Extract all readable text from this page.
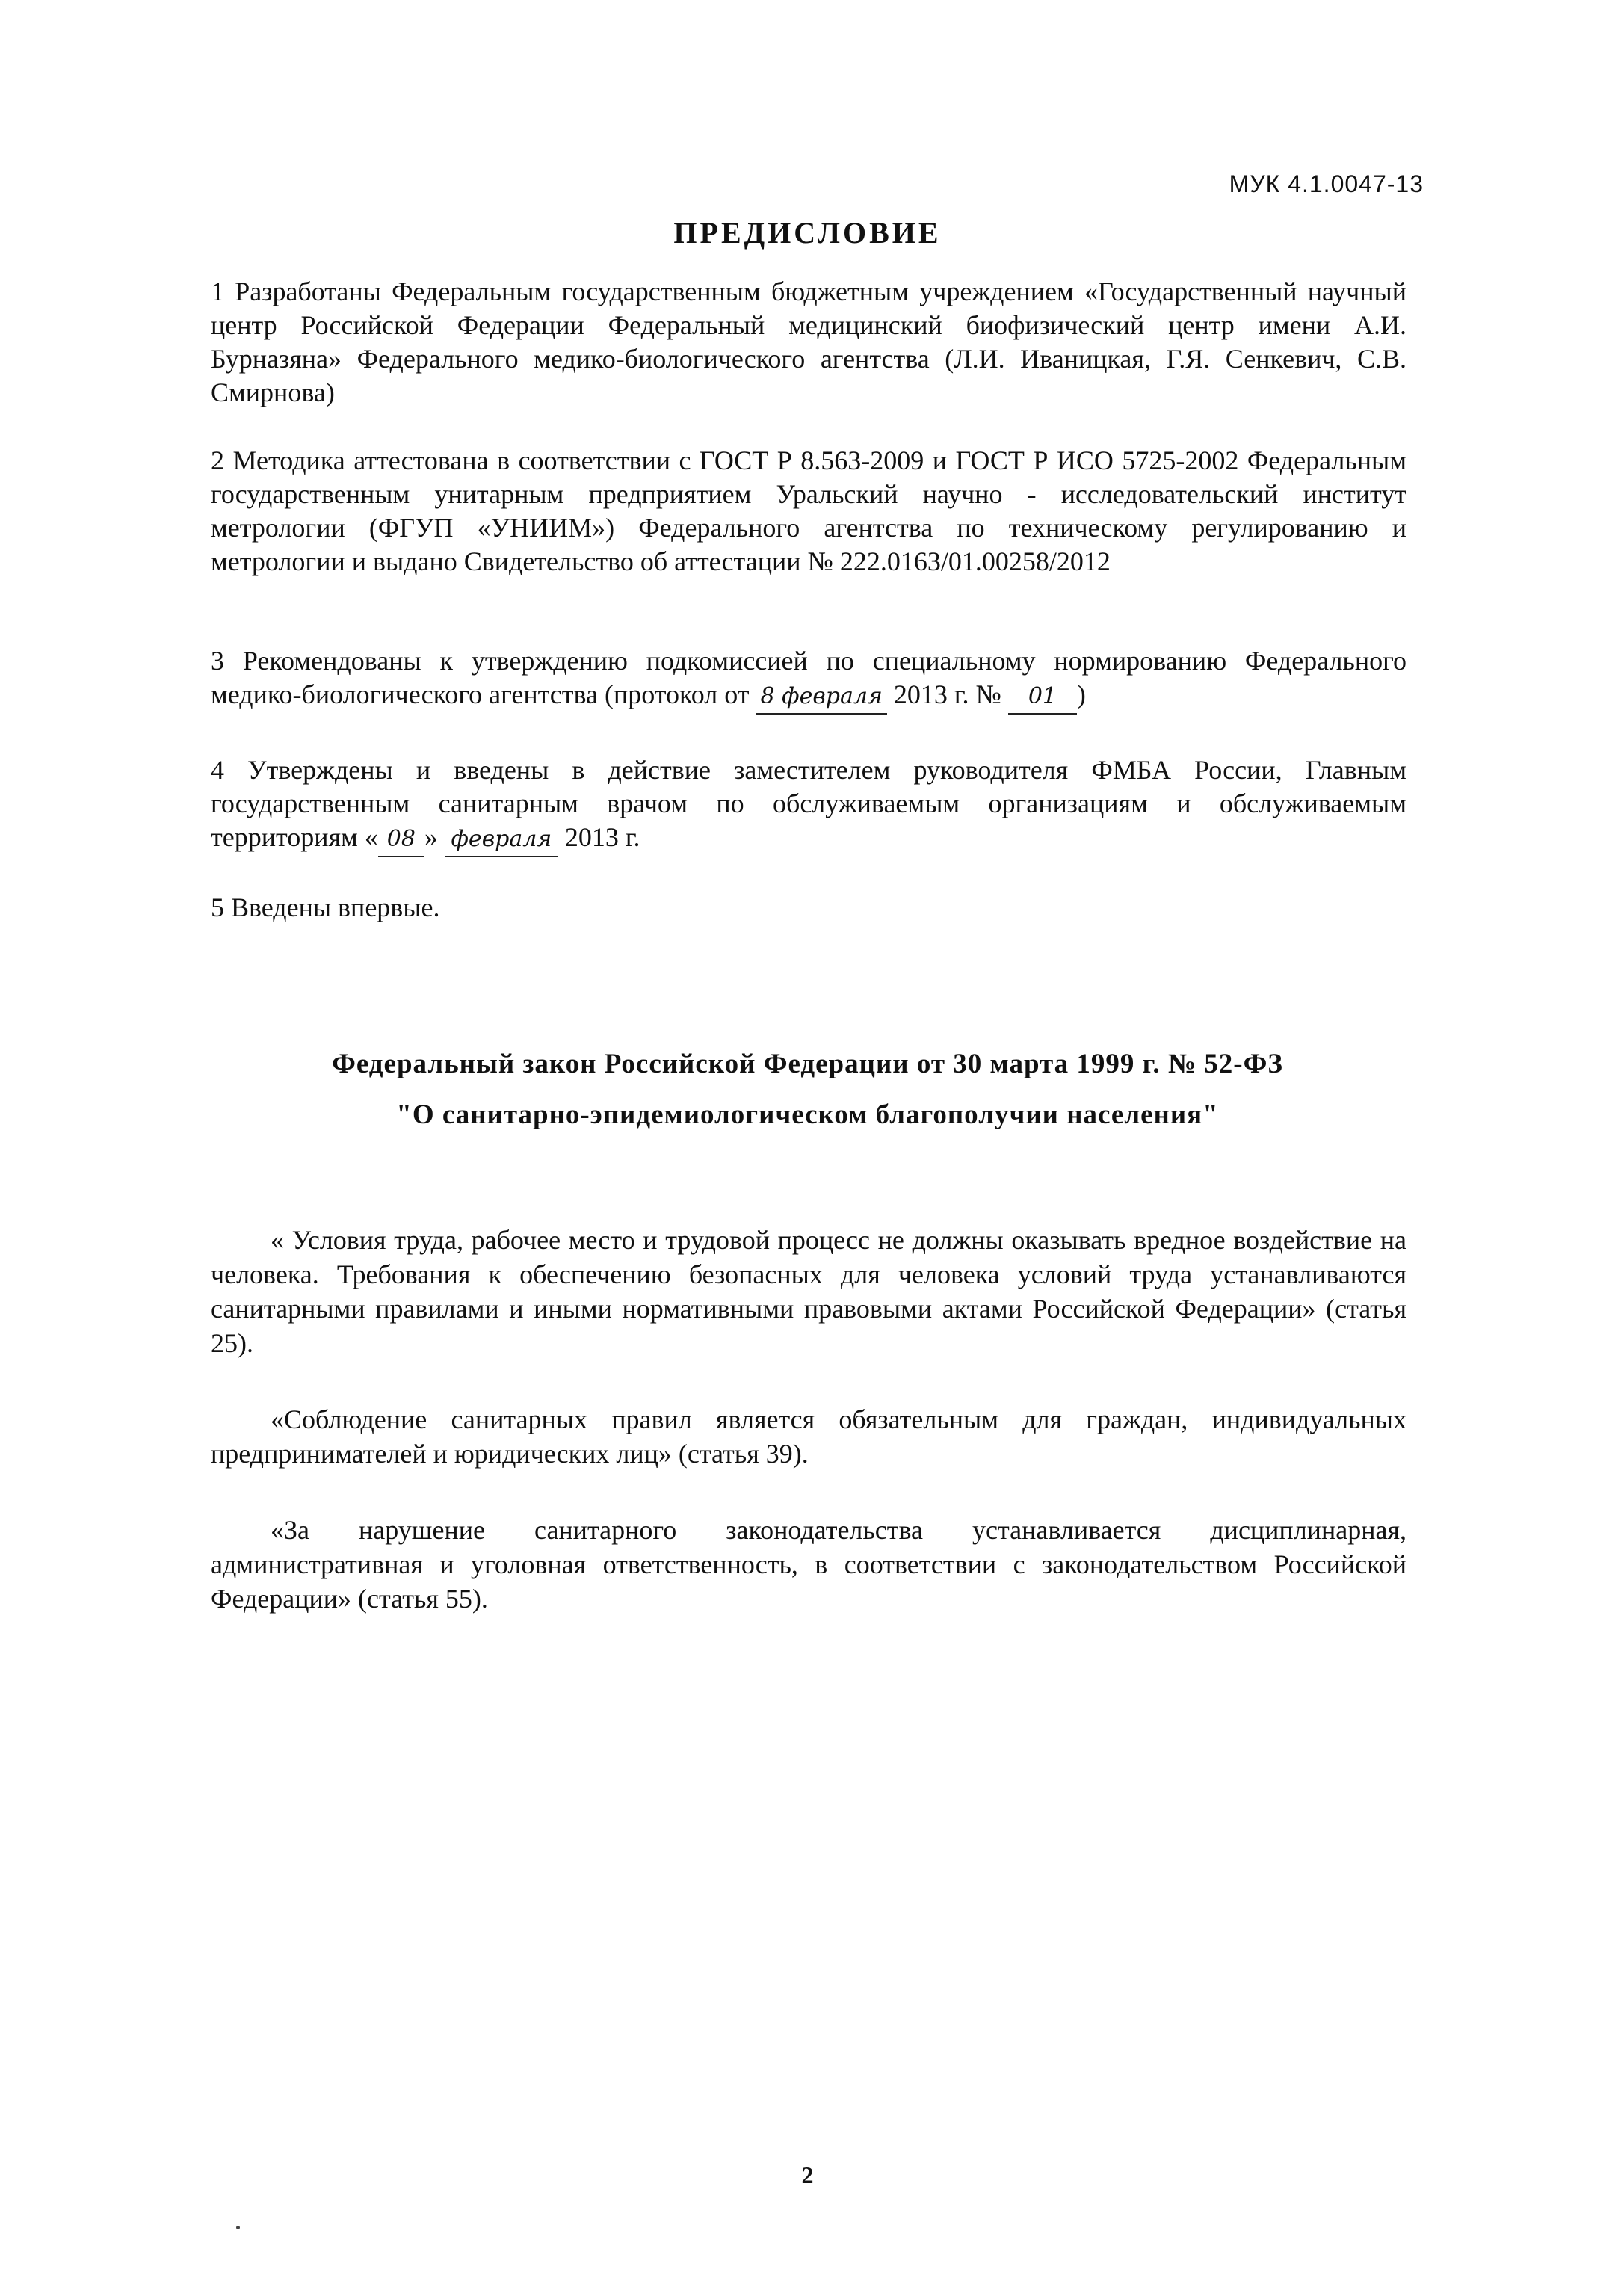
МУК 4.1.0047-13
ПРЕДИСЛОВИЕ
1 Разработаны Федеральным государственным бюджетным учреждением «Государственный научный центр Российской Федерации Федеральный медицинский биофизический центр имени А.И. Бурназяна» Федерального медико-биологического агентства (Л.И. Иваницкая, Г.Я. Сенкевич, С.В. Смирнова)
2 Методика аттестована в соответствии с ГОСТ Р 8.563-2009 и ГОСТ Р ИСО 5725-2002 Федеральным государственным унитарным предприятием Уральский научно - исследовательский институт метрологии (ФГУП «УНИИМ») Федерального агентства по техническому регулированию и метрологии и выдано Свидетельство об аттестации № 222.0163/01.00258/2012
3 Рекомендованы к утверждению подкомиссией по специальному нормированию Федерального медико-биологического агентства (протокол от 8 февраля 2013 г. № 01 )
4 Утверждены и введены в действие заместителем руководителя ФМБА России, Главным государственным санитарным врачом по обслуживаемым организациям и обслуживаемым территориям « 08 » февраля 2013 г.
5 Введены впервые.
Федеральный закон Российской Федерации от 30 марта 1999 г. № 52-ФЗ
"О санитарно-эпидемиологическом благополучии населения"
« Условия труда, рабочее место и трудовой процесс не должны оказывать вредное воздействие на человека. Требования к обеспечению безопасных для человека условий труда устанавливаются санитарными правилами и иными нормативными правовыми актами Российской Федерации» (статья 25).
«Соблюдение санитарных правил является обязательным для граждан, индивидуальных предпринимателей и юридических лиц» (статья 39).
«За нарушение санитарного законодательства устанавливается дисциплинарная, административная и уголовная ответственность, в соответствии с законодательством Российской Федерации» (статья 55).
2
